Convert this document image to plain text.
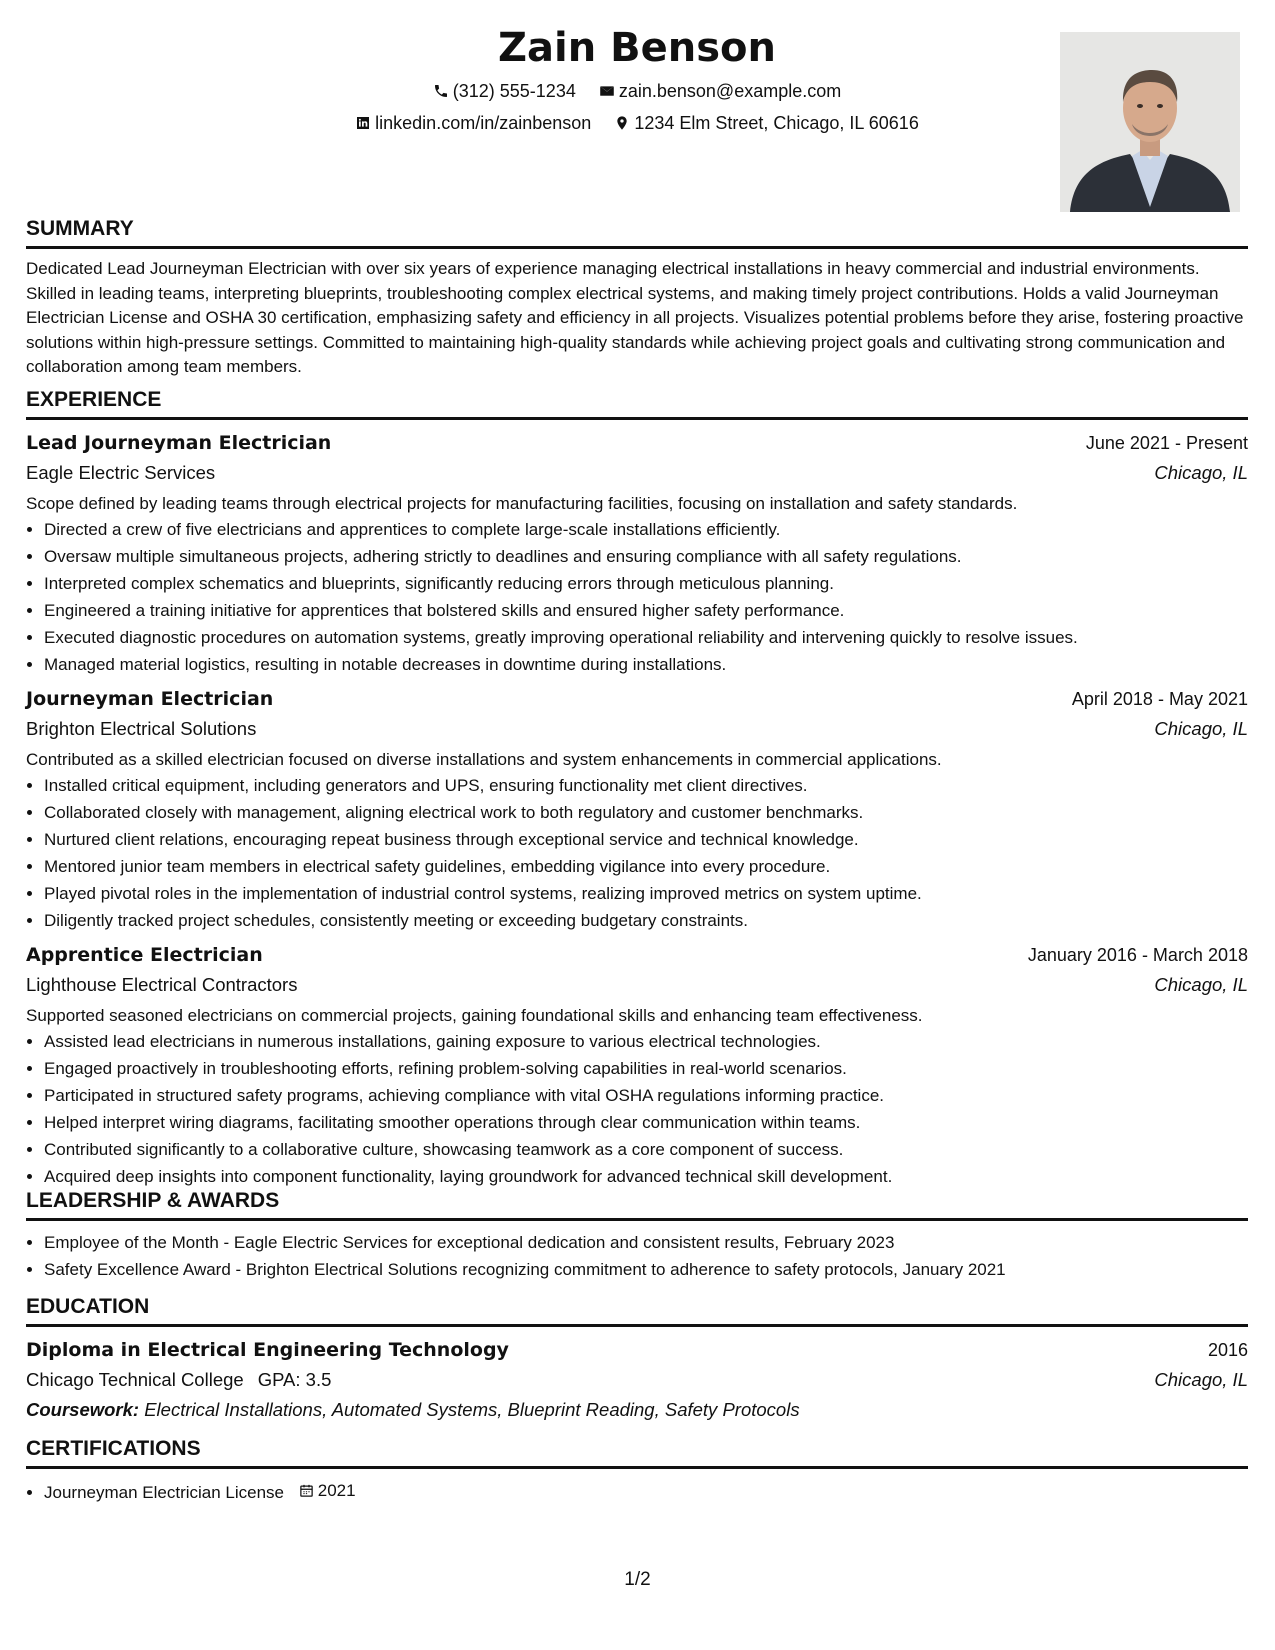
Zain Benson
(312) 555-1234
zain.benson@example.com
linkedin.com/in/zainbenson
1234 Elm Street, Chicago, IL 60616
SUMMARY

Dedicated Lead Journeyman Electrician with over six years of experience managing electrical installations in heavy commercial and industrial environments. Skilled in leading teams, interpreting blueprints, troubleshooting complex electrical systems, and making timely project contributions. Holds a valid Journeyman Electrician License and OSHA 30 certification, emphasizing safety and efficiency in all projects. Visualizes potential problems before they arise, fostering proactive solutions within high-pressure settings. Committed to maintaining high-quality standards while achieving project goals and cultivating strong communication and collaboration among team members.

EXPERIENCE
Lead Journeyman Electrician	June 2021 - Present
Eagle Electric Services	Chicago, IL
Scope defined by leading teams through electrical projects for manufacturing facilities, focusing on installation and safety standards.
• Directed a crew of five electricians and apprentices to complete large-scale installations efficiently.
• Oversaw multiple simultaneous projects, adhering strictly to deadlines and ensuring compliance with all safety regulations.
• Interpreted complex schematics and blueprints, significantly reducing errors through meticulous planning.
• Engineered a training initiative for apprentices that bolstered skills and ensured higher safety performance.
• Executed diagnostic procedures on automation systems, greatly improving operational reliability and intervening quickly to resolve issues.
• Managed material logistics, resulting in notable decreases in downtime during installations.
Journeyman Electrician	April 2018 - May 2021
Brighton Electrical Solutions	Chicago, IL
Contributed as a skilled electrician focused on diverse installations and system enhancements in commercial applications.
• Installed critical equipment, including generators and UPS, ensuring functionality met client directives.
• Collaborated closely with management, aligning electrical work to both regulatory and customer benchmarks.
• Nurtured client relations, encouraging repeat business through exceptional service and technical knowledge.
• Mentored junior team members in electrical safety guidelines, embedding vigilance into every procedure.
• Played pivotal roles in the implementation of industrial control systems, realizing improved metrics on system uptime.
• Diligently tracked project schedules, consistently meeting or exceeding budgetary constraints.
Apprentice Electrician	January 2016 - March 2018
Lighthouse Electrical Contractors	Chicago, IL
Supported seasoned electricians on commercial projects, gaining foundational skills and enhancing team effectiveness.
• Assisted lead electricians in numerous installations, gaining exposure to various electrical technologies.
• Engaged proactively in troubleshooting efforts, refining problem-solving capabilities in real-world scenarios.
• Participated in structured safety programs, achieving compliance with vital OSHA regulations informing practice.
• Helped interpret wiring diagrams, facilitating smoother operations through clear communication within teams.
• Contributed significantly to a collaborative culture, showcasing teamwork as a core component of success.
• Acquired deep insights into component functionality, laying groundwork for advanced technical skill development.
LEADERSHIP & AWARDS
• Employee of the Month - Eagle Electric Services for exceptional dedication and consistent results, February 2023
• Safety Excellence Award - Brighton Electrical Solutions recognizing commitment to adherence to safety protocols, January 2021
EDUCATION
Diploma in Electrical Engineering Technology	2016
Chicago Technical College GPA: 3.5	Chicago, IL
Coursework: Electrical Installations, Automated Systems, Blueprint Reading, Safety Protocols
CERTIFICATIONS
• Journeyman Electrician License 2021
1/2
